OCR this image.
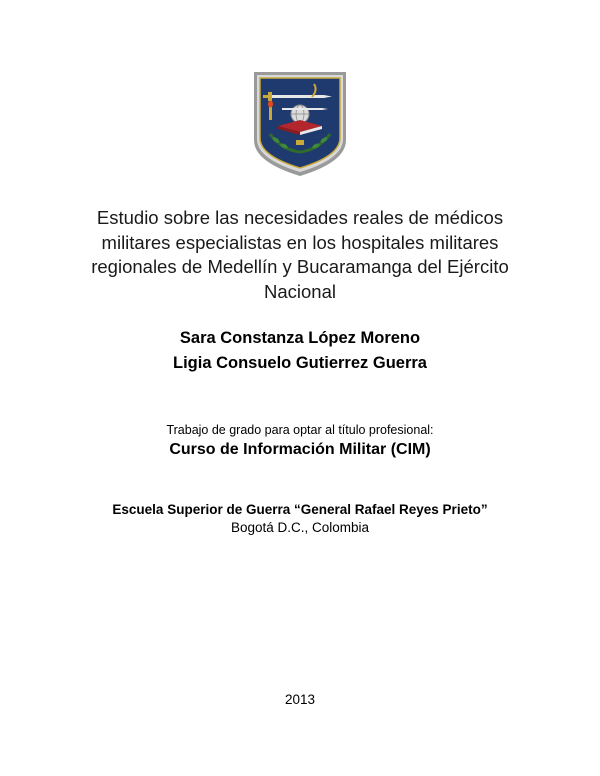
Estudio sobre las necesidades reales de médicos
militares especialistas en los hospitales militares
regionales de Medellín y Bucaramanga del Ejército
Nacional
Sara Constanza López Moreno
Ligia Consuelo Gutierrez Guerra
Trabajo de grado para optar al título profesional:
Curso de Información Militar (CIM)
Escuela Superior de Guerra “General Rafael Reyes Prieto”
Bogotá D.C., Colombia
2013
